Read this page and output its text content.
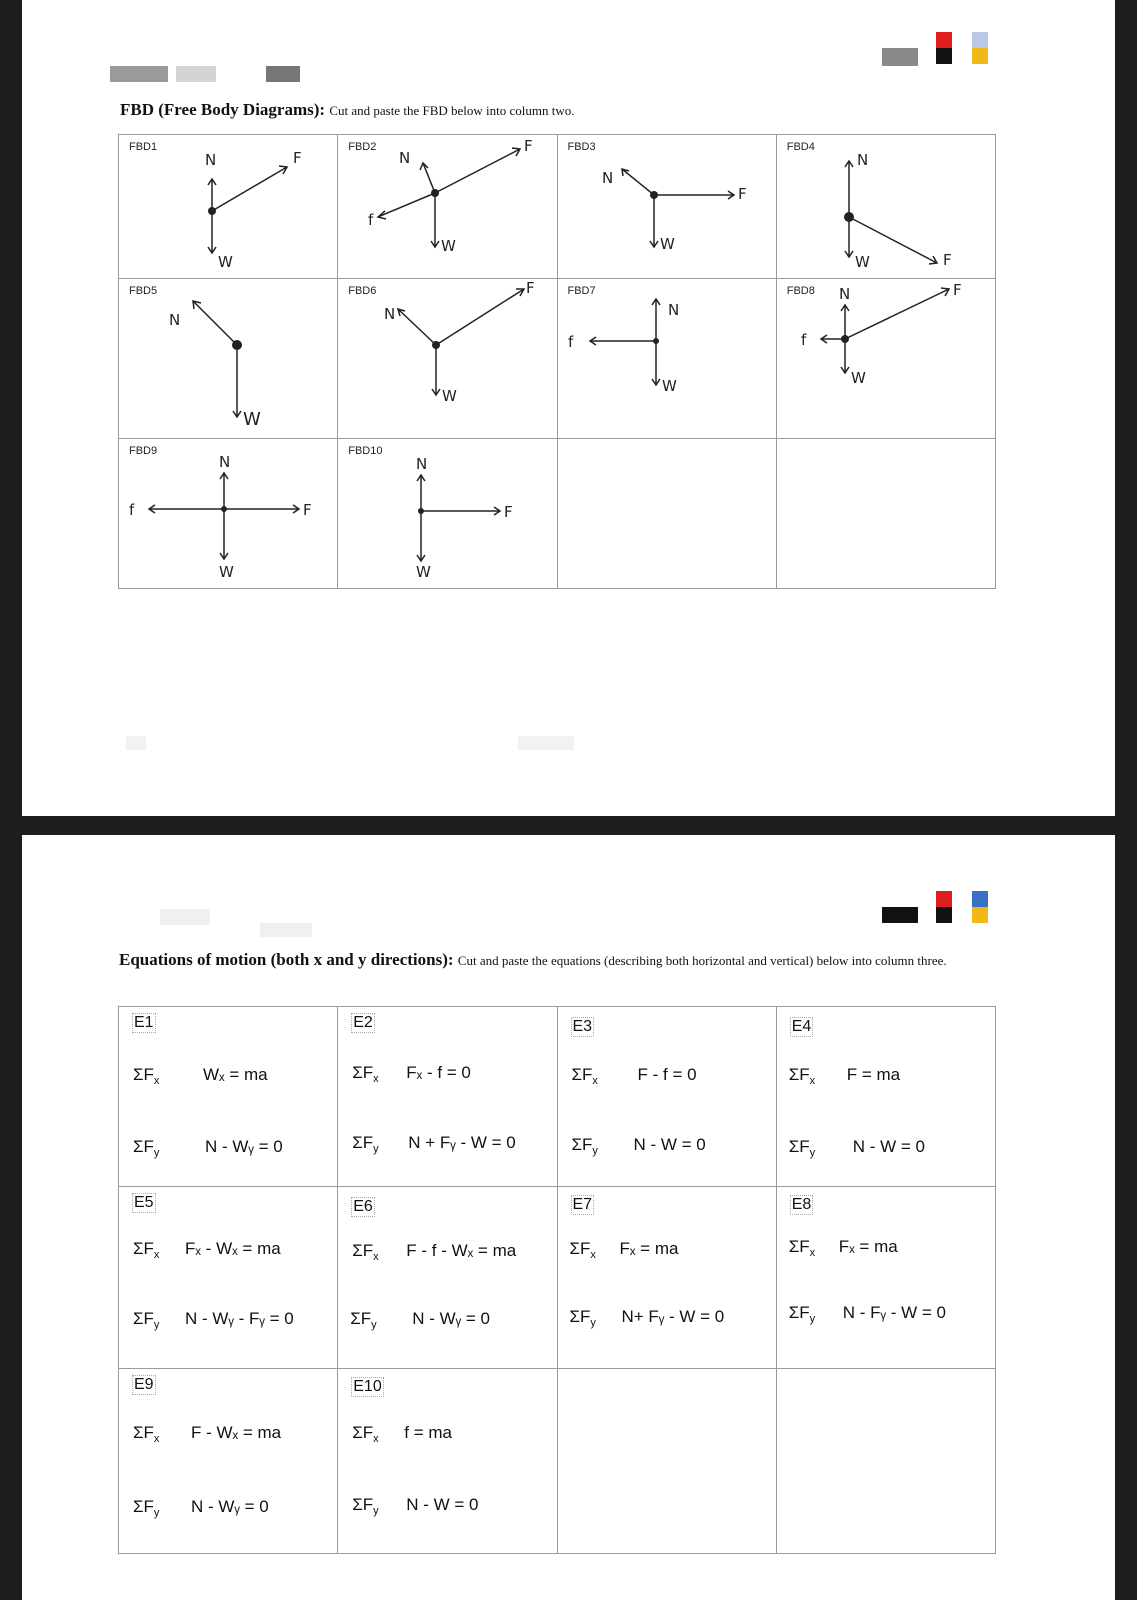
FBD (Free Body Diagrams): Cut and paste the FBD below into column two.
FBD1
N F
W	FBD2
N
F
f
W	FBD3
N
F
W	FBD4
N
W F

FBD5
N
W	FBD6
N
F
W	FBD7
N
f
W	FBD8 N F
f
W

FBD9
N
F
f
W	FBD10
N
F
W		

Equations of motion (both x and y directions): Cut and paste the equations (describing both horizontal and vertical) below into column three.
E1
$\Sigma F_x$ Wₓ = ma
$\Sigma F_y$ N - Wᵧ = 0	E2
$\Sigma F_x$ Fₓ - f = 0
$\Sigma F_y$ N + Fᵧ - W = 0	E3
$\Sigma F_x$ F - f = 0
$\Sigma F_y$ N - W = 0	E4
$\Sigma F_x$ F = ma
$\Sigma F_y$ N - W = 0

E5
$\Sigma F_x$ Fₓ - Wₓ = ma
$\Sigma F_y$ N - Wᵧ - Fᵧ = 0	E6
$\Sigma F_x$ F - f - Wₓ = ma
$\Sigma F_y$ N - Wᵧ = 0	E7
$\Sigma F_x$ Fₓ = ma
$\Sigma F_y$ N+ Fᵧ - W = 0	E8
$\Sigma F_x$ Fₓ = ma
$\Sigma F_y$ N - Fᵧ - W = 0

E9
$\Sigma F_x$ F - Wₓ = ma
$\Sigma F_y$ N - Wᵧ = 0	E10
$\Sigma F_x$ f = ma
$\Sigma F_y$ N - W = 0		
